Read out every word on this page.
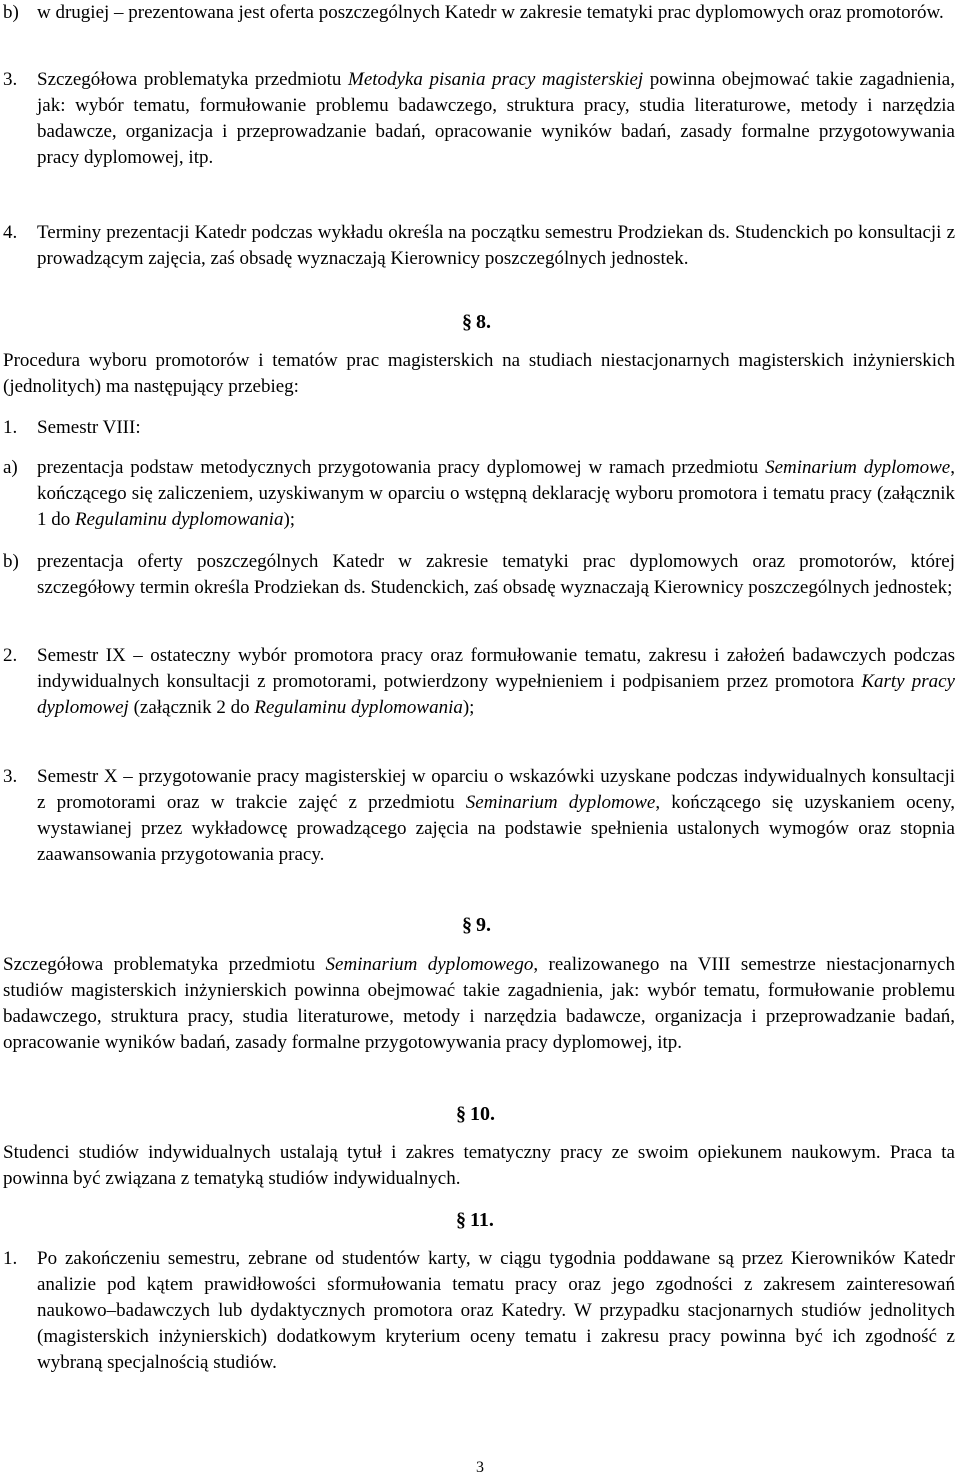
b) w drugiej – prezentowana jest oferta poszczególnych Katedr w zakresie tematyki prac dyplomowych oraz promotorów.
3.	Szczegółowa problematyka przedmiotu Metodyka pisania pracy magisterskiej powinna obejmować takie zagadnienia, jak: wybór tematu, formułowanie problemu badawczego, struktura pracy, studia literaturowe, metody i narzędzia badawcze, organizacja i przeprowadzanie badań, opracowanie wyników badań, zasady formalne przygotowywania pracy dyplomowej, itp.
4.	Terminy prezentacji Katedr podczas wykładu określa na początku semestru Prodziekan ds. Studenckich po konsultacji z prowadzącym zajęcia, zaś obsadę wyznaczają Kierownicy poszczególnych jednostek.
§ 8.
Procedura wyboru promotorów i tematów prac magisterskich na studiach niestacjonarnych magisterskich inżynierskich (jednolitych) ma następujący przebieg:
1.	Semestr VIII:
a)	prezentacja podstaw metodycznych przygotowania pracy dyplomowej w ramach przedmiotu Seminarium dyplomowe, kończącego się zaliczeniem, uzyskiwanym w oparciu o wstępną deklarację wyboru promotora i tematu pracy (załącznik 1 do Regulaminu dyplomowania);
b) prezentacja oferty poszczególnych Katedr w zakresie tematyki prac dyplomowych oraz promotorów, której szczegółowy termin określa Prodziekan ds. Studenckich, zaś obsadę wyznaczają Kierownicy poszczególnych jednostek;
2.	Semestr IX – ostateczny wybór promotora pracy oraz formułowanie tematu, zakresu i założeń badawczych podczas indywidualnych konsultacji z promotorami, potwierdzony wypełnieniem i podpisaniem przez promotora Karty pracy dyplomowej (załącznik 2 do Regulaminu dyplomowania);
3.	Semestr X – przygotowanie pracy magisterskiej w oparciu o wskazówki uzyskane podczas indywidualnych konsultacji z promotorami oraz w trakcie zajęć z przedmiotu Seminarium dyplomowe, kończącego się uzyskaniem oceny, wystawianej przez wykładowcę prowadzącego zajęcia na podstawie spełnienia ustalonych wymogów oraz stopnia zaawansowania przygotowania pracy.
§ 9.
Szczegółowa problematyka przedmiotu Seminarium dyplomowego, realizowanego na VIII semestrze niestacjonarnych studiów magisterskich inżynierskich powinna obejmować takie zagadnienia, jak: wybór tematu, formułowanie problemu badawczego, struktura pracy, studia literaturowe, metody i narzędzia badawcze, organizacja i przeprowadzanie badań, opracowanie wyników badań, zasady formalne przygotowywania pracy dyplomowej, itp.
§ 10.
Studenci studiów indywidualnych ustalają tytuł i zakres tematyczny pracy ze swoim opiekunem naukowym. Praca ta powinna być związana z tematyką studiów indywidualnych.
§ 11.
1.	Po zakończeniu semestru, zebrane od studentów karty, w ciągu tygodnia poddawane są przez Kierowników Katedr analizie pod kątem prawidłowości sformułowania tematu pracy oraz jego zgodności z zakresem zainteresowań naukowo–badawczych lub dydaktycznych promotora oraz Katedry. W przypadku stacjonarnych studiów jednolitych (magisterskich inżynierskich) dodatkowym kryterium oceny tematu i zakresu pracy powinna być ich zgodność z wybraną specjalnością studiów.
3
